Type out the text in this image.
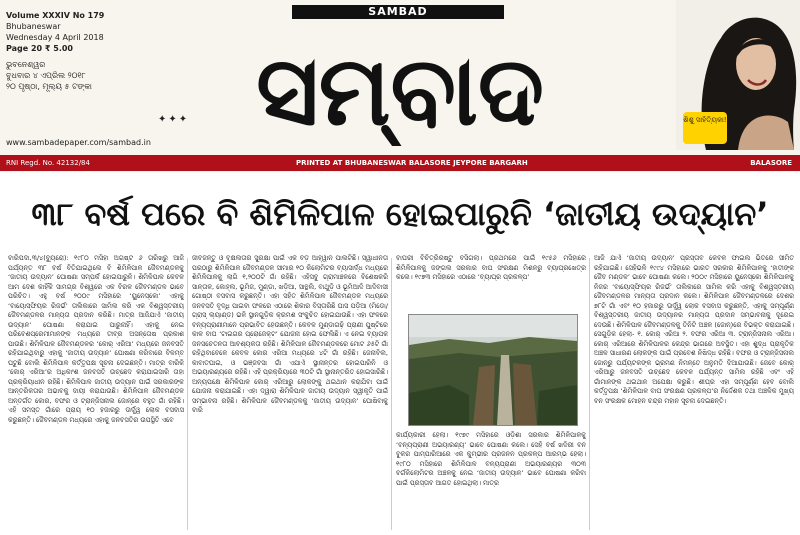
Volume XXXIV No 179
Bhubaneswar
Wednesday 4 April 2018
Page 20 ₹ 5.00
ଭୁବନେଶ୍ୱର
ବୁଧବାର ୪ ଏପ୍ରିଲ ୨୦୧୮
୨୦ ପୃଷ୍ଠା, ମୂଲ୍ୟ ୫ ଟଙ୍କା
✦✦✦
www.sambadepaper.com/sambad.in
SAMBAD
ସମ୍ବାଦ	ଶିଶୁ ସାହିତ୍ୟିକା!
RNI Regd. No. 42132/84	PRINTED AT BHUBANESWAR BALASORE JEYPORE BARGARH	BALASORE
୩୮ ବର୍ଷ ପରେ ବି ଶିମିଳିପାଳ ହୋଇପାରୁନି ‘ଜାତୀୟ ଉଦ୍ୟାନ’
ବାରିପଦା,୩/୪(ବ୍ୟୁରୋ): ୧୯୮୦ ମସିହା ଅଗଷ୍ଟ ୬ ତାରିଖରୁ ଆଜି ପର୍ଯ୍ୟନ୍ତ ୩୮ ବର୍ଷ ବିତିଯାଇଥିଲେ ବି ଶିମିଳିପାଳ ଜୈବମଣ୍ଡଳକୁ ‘ଜାତୀୟ ଉଦ୍ୟାନ’ ଘୋଷଣା ସମ୍ପର୍କ ହୋଇପାରୁନି। ଶିମିଳିପାଳ କେବଳ ଆମ ଦେଶ କାହିଁକି ସାମଗ୍ର ବିଶ୍ୱରେ ଏକ ବିରଳ ଜୈବମଣ୍ଡଳ ଭାବେ ପରିଚିତ। ଏହୁ ବର୍ଷ ୨୦୦୯ ମସିହାରେ ‘ୟୁନେସ୍କୋ’ ଏହାକୁ ‘ବାୟୋସ୍ଫିୟର ରିଜର୍ଭ’ ତାଲିକାରେ ସାମିଲ କରି ଏକ ବିଶ୍ୱସ୍ତରୀୟ ଜୈବମଣ୍ଡଳର ମାନ୍ୟତା ପ୍ରଦାନ କରିଛି। ମାତ୍ର ଆଜିଯାଏଁ ‘ଜାତୀୟ ଉଦ୍ୟାନ’ ଘୋଷଣା କରାଯାଇ ପାରୁନାହିଁ। ଏହାକୁ ନେଇ ପରିବେଶପ୍ରେମୀମାନଙ୍କ ମଧ୍ୟରେ ତୀବ୍ର ଅସନ୍ତୋଷ ପ୍ରକାଶ ପାଉଛି। ଶିମିଳିପାଳ ଜୈବମଣ୍ଡଳର ‘କୋର୍ ଏରିଆ’ ମଧ୍ୟରେ ଜନବସତି ରହିଯାଇଥିବାରୁ ଏହାକୁ ‘ଜାତୀୟ ଉଦ୍ୟାନ’ ଘୋଷଣା କରିବାରେ ବିଳମ୍ବ ଘଟୁଛି ବୋଲି ଶିମିଳିପାଳ କର୍ତ୍ତୃପକ୍ଷ ସୂଚନା ଦେଇଛନ୍ତି। ମାତ୍ର ବାରିକି ‘କୋର୍ ଏରିଆ’ର ଅଧିକାଂଶ ଜନବସତି ଉଚ୍ଛେଦ କରାଯାଇସାରି ତାହା ପ୍ରକ୍ରିୟାଧୀନ ରହିଛି। ଶିମିଳିପାଳ ଜାତୀୟ ଉଦ୍ୟାନ ପାଇଁ ସରକାରଙ୍କ ଆନ୍ତରିକତାର ଅଭାବକୁ ଦାୟୀ କରାଯାଉଛି। ଶିମିଳିପାଳ ଜୈବମଣ୍ଡଳ ଅନ୍ତର୍ଗତ କୋର, ବଫର ଓ ଟ୍ରାନ୍ଜିସନାଲ ଜୋନ୍‌ରେ ବହୁତ ଗାଁ ରହିଛି। ଏହି ସମସ୍ତ ଗାଁରେ ପ୍ରାୟ ୧୦ ହଜାରରୁ ଊର୍ଦ୍ଧ୍ୱ ଲୋକ ବସବାସ କରୁଛନ୍ତି। ଜୈବମଣ୍ଡଳ ମଧ୍ୟରେ ଏହାକୁ ଜନବସତିର ଉପସ୍ଥିତି ଏବେ
ଜୀବଜନ୍ତୁ ଓ ବୃକ୍ଷଲତାର ସୁରକ୍ଷା ପାଇଁ ଏକ ବଡ଼ ଆହ୍ୱାନ ପାଲଟିଛି। ସ୍ୱାଧୀନତା ପରଠାରୁ ଶିମିଳିପାଳ ଜୈବମଣ୍ଡଳ ସୀମାର ୧୦ କିଲୋମିଟର ବ୍ୟାସାର୍ଦ୍ଧ ମଧ୍ୟରେ ଶିମିଳିପାଳକୁ ଲାଗି ୧,୨୦୦ଟି ଗାଁ ରହିଛି। ଏହିସବୁ ଗ୍ରାମାଞ୍ଚଳରେ ବିଶେଷକରି ସାନ୍ତାଳ, କୋହ୍ଲ, ଭୂମିଜ, ମୁଣ୍ଡା, ଖଡ଼ିଆ, ସାନ୍ଥଲି, ବାଥୁଡ଼ି ଓ ଭୂମିଆଦି ଆଦିବାସୀ ଗୋଷ୍ଠୀ ବସବାସ କରୁଛନ୍ତି। ଏହା ସହିତ ଶିମିଳିପାଳ ଜୈବମଣ୍ଡଳ ମଧ୍ୟରେ ଜନବସତି ବୃଦ୍ଧି ପାଇବା ଫଳରେ ଏଠାରେ ଶିକାର ବିସ୍ତାରିଛି ଘାସ ପଡ଼ିଆ (ମିଡୋ/ଗ୍ରାସ୍ ଲ୍ୟାଣ୍ଡ) ଭଳି ସ୍ଥାନଗୁଡ଼ିକ କ୍ରମଶ ସଂକୁଚିତ ହୋଇଯାଉଛି। ଏହା ଫଳରେ ବନ୍ୟପ୍ରାଣୀମାନେ ପ୍ରଭାବିତ ହେଉଛନ୍ତି। କେବଳ ମୁଣ୍ଡାଗଢ଼ି ପ୍ରାଣୀ ପୁଷ୍ଟିରେ କାଳ ବାଘ ‘ଟାଇଗର ପ୍ରୋଜେକ୍ଟ’ ଯୋଜନା ହୋଇ ଫେଲିଛି। ଏ ନେଇ ବ୍ୟାପକ ଜନସଚେତନତା ଆବଶ୍ୟକତା ରହିଛି। ଶିମିଳିପାଳ ଜୈବମଣ୍ଡଳରେ ମୋଟ ୬୫ଟି ଗାଁ ରହିଥିବାବେଳେ କେବଳ କୋର ଏରିଆ ମଧ୍ୟରେ ୪ଟି ଗାଁ ରହିଛି। ଜେନାବିଲ, କାବାତଘାଇ, ଓ ଭଞ୍ଜବସା ଗାଁ ଏଯାଏଁ ସ୍ଥାନାନ୍ତର ହୋଇପାରିନି ଓ ଅଭୟାରଣ୍ୟରେ ରହିଛି। ଏହି ପ୍ରକ୍ରିୟାରେ ୩୦ଟି ଗାଁ ସ୍ଥାନାନ୍ତରିତ ହୋଇସାରିଛି। ଅନ୍ୟପକ୍ଷେ ଶିମିଳିପାଳ କୋର୍ ଏରିଆରୁ ଲୋକଙ୍କୁ ଥଇଥାନ କରାଯିବା ପାଇଁ ଯୋଜନା କରାଯାଇଛି। ଏହା ଦ୍ୱାରା ଶିମିଳିପାଳ ଜାତୀୟ ଉଦ୍ୟାନ ସ୍ୱୀକୃତି ପାଇଁ ସମ୍ଭାବନା ରହିଛି। ଶିମିଳିପାଳ ଜୈବମଣ୍ଡଳକୁ ‘ଜାତୀୟ ଉଦ୍ୟାନ’ ଘୋଷିବାକୁ ବାରି
ବାଘରୀ ବିଚିତ୍ରିରଷ୍ଟୁ ବସିଗଲା। ପ୍ରଥମରେ ପାଇଁ ୧୯୫୬ ମସିହାରେ ଶିମିଳିପାଳକୁ ଜଙ୍ଗଲ ସରକାର ବାଘ ସଂରକ୍ଷଣ ମିଶନରୁ ବ୍ୟାଘ୍ରଖେତ୍ର କଲେ। ୧୯୭୩ ମସିହାରେ ଏଠାରେ ‘ବ୍ୟାଘ୍ର ପ୍ରକଳ୍ପ’
ଆଜି ଯାଏଁ ‘ଜାତୀୟ ଉଦ୍ୟାନ’ ପ୍ରସ୍ତାବ କେବଳ ଫାଇଲ ଭିତରେ ସୀମିତ ରହିଯାଇଛି। ସେହିଭଳି ୧୯୯୪ ମସିହାରେ ଭାରତ ସରକାର ଶିମିଳିପାଳକୁ ‘ହାତୀଙ୍କ ଜୈବ ମଣ୍ଡଳ’ ଭାବେ ଘୋଷଣା କଲେ। ୨୦୦୯ ମସିହାରେ ୟୁନେସ୍କୋ ଶିମିଳିପାଳକୁ ନିଜର ‘ବାୟୋସ୍ଫିୟର ରିଜର୍ଭ’ ତାଲିକାରେ ସାମିଲ କରି ଏହାକୁ ବିଶ୍ୱସ୍ତରୀୟ ଜୈବମଣ୍ଡଳର ମାନ୍ୟତା ପ୍ରଦାନ କଲେ। ଶିମିଳିପାଳ ଜୈବମଣ୍ଡଳରେ ଦେଶର ୭୮ଟି ଗାଁ ଏବଂ ୧୦ ହଜାରରୁ ଊର୍ଦ୍ଧ୍ୱ ଲୋକ ବସବାସ କରୁଛନ୍ତି, ଏହାକୁ ସମ୍ପୂର୍ଣ୍ଣ ବିଶ୍ୱସ୍ତରୀୟ ଜାତୀୟ ଉଦ୍ୟାନର ମାନ୍ୟତା ପ୍ରଦାନ ସମ୍ଭାବନାକୁ ଦୂରେଇ ଦେଉଛି। ଶିମିଳିପାଳ ଜୈବମଣ୍ଡଳକୁ ତିନିଟି ଅଞ୍ଚଳ (ଜୋନ୍)ରେ ବିଭକ୍ତ କରାଯାଇଛି। ସେଗୁଡ଼ିକ ହେଲା- ୧. କୋର୍ ଏରିଆ ୨. ବଫର ଏରିଆ ୩. ଟ୍ରାନ୍ଜିସନାଲ ଏରିଆ। କୋର୍ ଏରିଆରେ ଶିମିଳିପାଳର କେନ୍ଦ୍ର ଭାଗରେ ଅବସ୍ଥିତ। ଏହା ଶୁଦ୍ଧ ପ୍ରାକୃତିକ ଅଞ୍ଚଳ ସାଧାରଣ ଲୋକଙ୍କ ପାଇଁ ପ୍ରବେଶ ନିଷିଦ୍ଧ ରହିଛି। ବଫର ଓ ଟ୍ରାନ୍ଜିସନାଲ ଜୋନ୍‌ରୁ ପର୍ଯ୍ୟଟକଙ୍କ ଭ୍ରମଣ ନିମନ୍ତେ ଅନୁମତି ଦିଆଯାଉଛି। ଜେବେ କୋର୍ ଏରିଆରୁ ଜନବସତି ଉଚ୍ଛେଦ କେବଳ ପର୍ଯ୍ୟନ୍ତ ସାମିଲ ରହିଛି ଏବଂ ଏହି ଗାଁମାନଙ୍କ ଥଇଥାନ ଅପେକ୍ଷା କରୁଛି। ଶୀଘ୍ର ଏହା ସମ୍ପୂର୍ଣ୍ଣ ହେବ ବୋଲି କର୍ତ୍ତୃପକ୍ଷ ‘ଶିମିଳିପାଳ ବାଘ ସଂରକ୍ଷଣ ପ୍ରକଳ୍ପ’ର ନିର୍ଦ୍ଦେଶକ ତଥା ଅଞ୍ଚଳିକ ମୁଖ୍ୟ ବନ ସଂରକ୍ଷକ ମୋହନ ଚନ୍ଦ୍ର ମହାନ ସୂଚନା ଦେଇଛନ୍ତି।
କାର୍ଯ୍ୟକାରୀ ହେଲା। ୧୯୭୯ ମସିହାରେ ଓଡ଼ିଶା ସରକାର ଶିମିଳିପାଳକୁ ‘ବନ୍ୟପ୍ରାଣୀ ଅଭୟାରଣ୍ୟ’ ଭାବେ ଘୋଷଣା କଲେ। ସେହି ବର୍ଷ ଖଦିରୀ ବନ ବୁକର ପାମ୍ପାରିଆରେ ଏକ କୁମ୍ଭୀର ପ୍ରଜନନ ପ୍ରକଳ୍ପ ଆରମ୍ଭ ହେଲା। ୧୯୮୦ ମସିହାରେ ଶିମିଳିପାଳ ବନ୍ୟପ୍ରାଣୀ ଅଭୟାରଣ୍ୟର ୩୦୩ ବର୍ଗକିଲୋମିଟର ଅଞ୍ଚଳକୁ ନେଇ ‘ଜାତୀୟ ଉଦ୍ୟାନ’ ଭାବେ ଘୋଷଣା କରିବା ପାଇଁ ପ୍ରସ୍ତାବ ଆଗତ ହୋଇଥିଲା। ମାତ୍ର
